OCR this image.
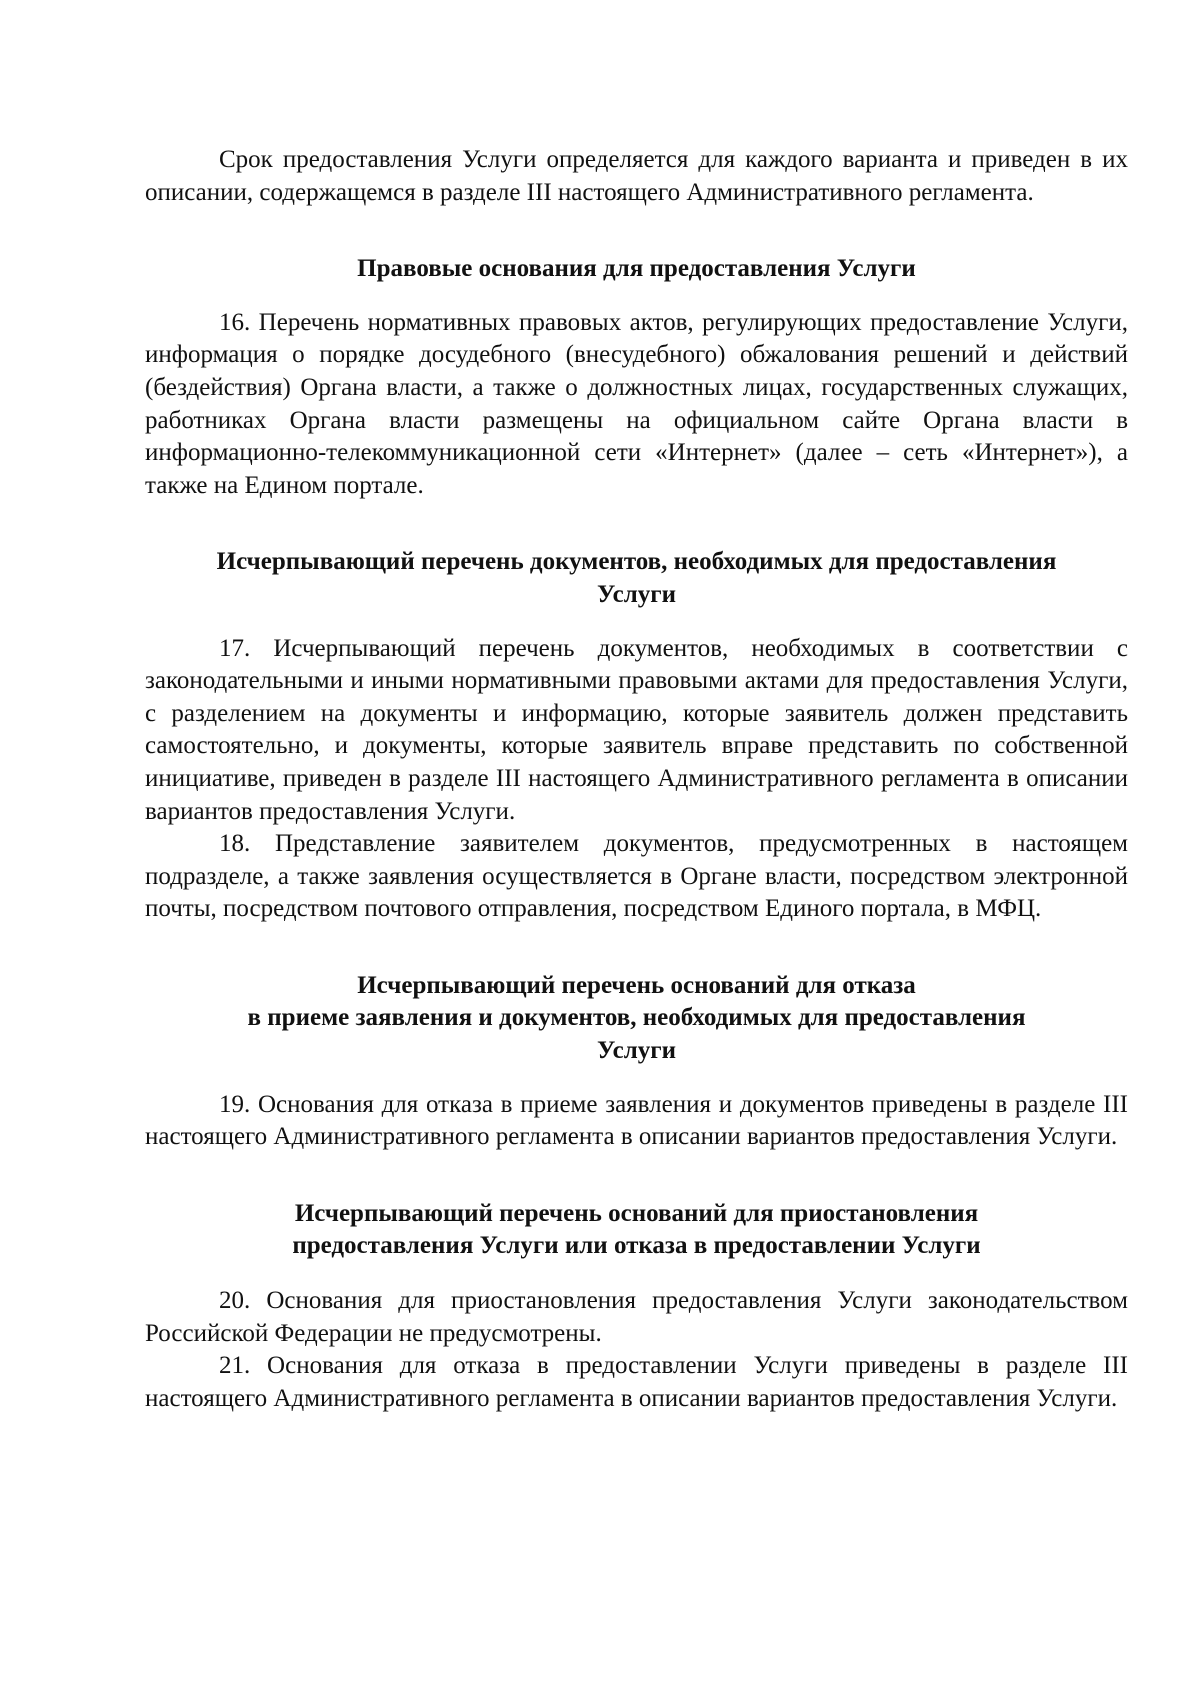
Срок предоставления Услуги определяется для каждого варианта и приведен в их описании, содержащемся в разделе III настоящего Административного регламента.

Правовые основания для предоставления Услуги

16. Перечень нормативных правовых актов, регулирующих предоставление Услуги, информация о порядке досудебного (внесудебного) обжалования решений и действий (бездействия) Органа власти, а также о должностных лицах, государственных служащих, работниках Органа власти размещены на официальном сайте Органа власти в информационно-телекоммуникационной сети «Интернет» (далее – сеть «Интернет»), а также на Едином портале.

Исчерпывающий перечень документов, необходимых для предоставления
Услуги

17. Исчерпывающий перечень документов, необходимых в соответствии с законодательными и иными нормативными правовыми актами для предоставления Услуги, с разделением на документы и информацию, которые заявитель должен представить самостоятельно, и документы, которые заявитель вправе представить по собственной инициативе, приведен в разделе III настоящего Административного регламента в описании вариантов предоставления Услуги.

18. Представление заявителем документов, предусмотренных в настоящем подразделе, а также заявления осуществляется в Органе власти, посредством электронной почты, посредством почтового отправления, посредством Единого портала, в МФЦ.

Исчерпывающий перечень оснований для отказа
в приеме заявления и документов, необходимых для предоставления
Услуги

19. Основания для отказа в приеме заявления и документов приведены в разделе III настоящего Административного регламента в описании вариантов предоставления Услуги.

Исчерпывающий перечень оснований для приостановления
предоставления Услуги или отказа в предоставлении Услуги

20. Основания для приостановления предоставления Услуги законодательством Российской Федерации не предусмотрены.

21. Основания для отказа в предоставлении Услуги приведены в разделе III настоящего Административного регламента в описании вариантов предоставления Услуги.
